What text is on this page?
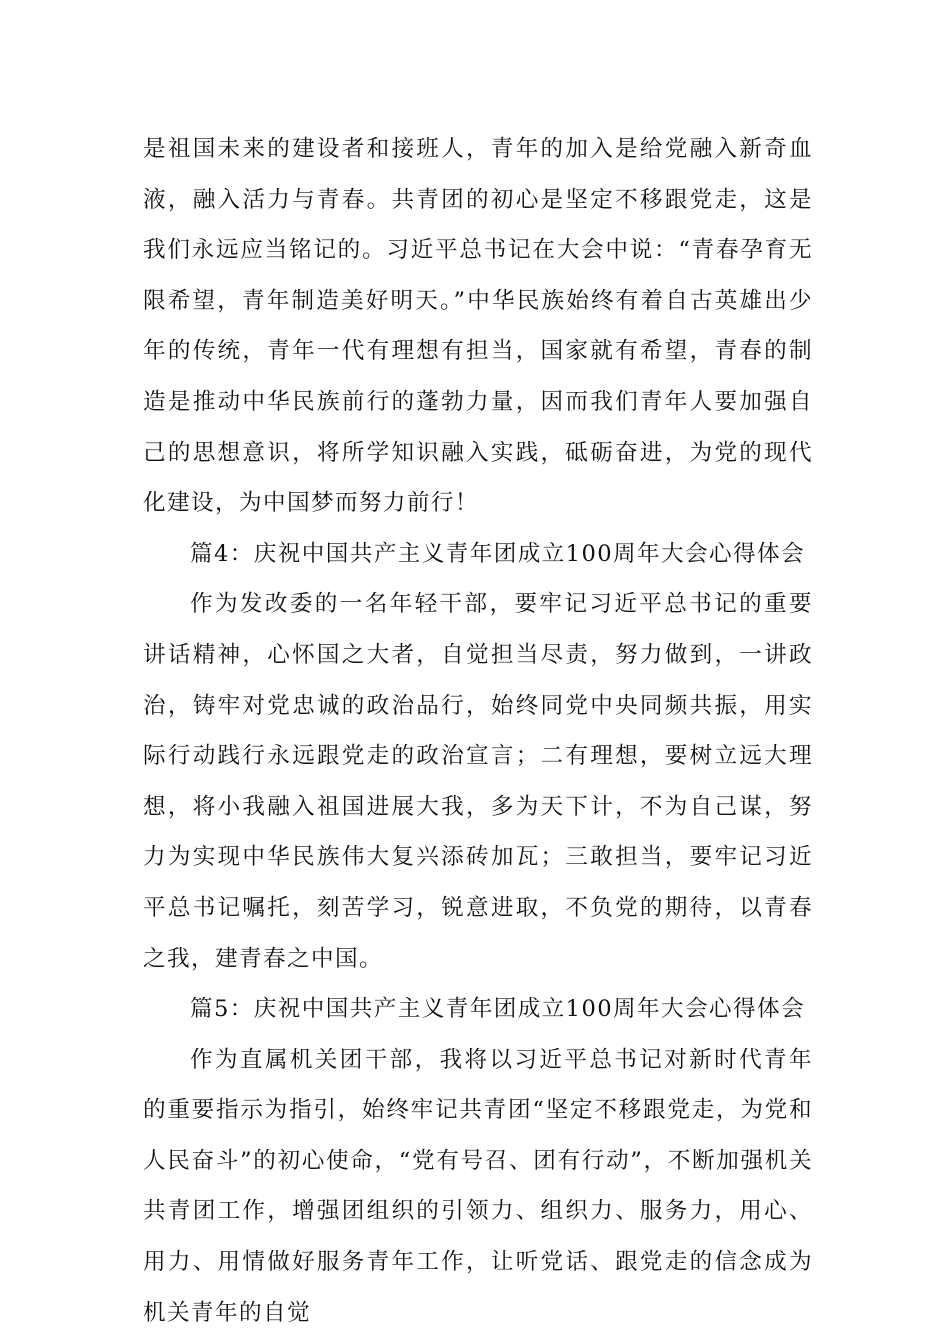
是祖国未来的建设者和接班人，青年的加入是给党融入新奇血液，融入活力与青春。共青团的初心是坚定不移跟党走，这是我们永远应当铭记的。习近平总书记在大会中说：“青春孕育无限希望，青年制造美好明天。”中华民族始终有着自古英雄出少年的传统，青年一代有理想有担当，国家就有希望，青春的制造是推动中华民族前行的蓬勃力量，因而我们青年人要加强自己的思想意识，将所学知识融入实践，砥砺奋进，为党的现代化建设，为中国梦而努力前行！

篇4：庆祝中国共产主义青年团成立100周年大会心得体会

作为发改委的一名年轻干部，要牢记习近平总书记的重要讲话精神，心怀国之大者，自觉担当尽责，努力做到，一讲政治，铸牢对党忠诚的政治品行，始终同党中央同频共振，用实际行动践行永远跟党走的政治宣言；二有理想，要树立远大理想，将小我融入祖国进展大我，多为天下计，不为自己谋，努力为实现中华民族伟大复兴添砖加瓦；三敢担当，要牢记习近平总书记嘱托，刻苦学习，锐意进取，不负党的期待，以青春之我，建青春之中国。

篇5：庆祝中国共产主义青年团成立100周年大会心得体会

作为直属机关团干部，我将以习近平总书记对新时代青年的重要指示为指引，始终牢记共青团“坚定不移跟党走，为党和人民奋斗”的初心使命，“党有号召、团有行动”，不断加强机关共青团工作，增强团组织的引领力、组织力、服务力，用心、用力、用情做好服务青年工作，让听党话、跟党走的信念成为机关青年的自觉
